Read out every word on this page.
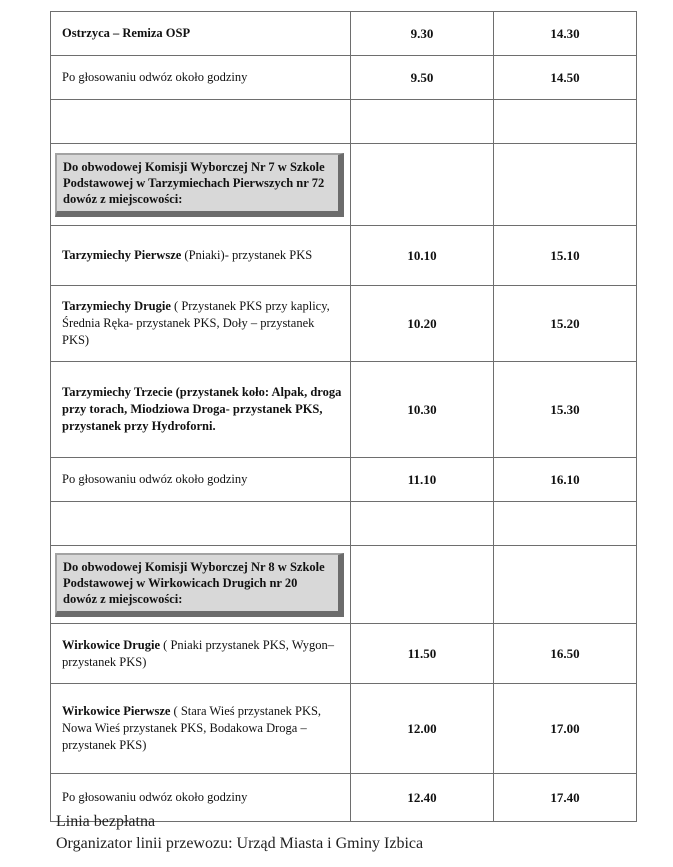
Ostrzyca – Remiza OSP	9.30	14.30
Po głosowaniu odwóz około godziny	9.50	14.50

Do obwodowej Komisji Wyborczej Nr 7 w Szkole Podstawowej w Tarzymiechach Pierwszych nr 72 dowóz z miejscowości:		

Tarzymiechy Pierwsze (Pniaki)- przystanek PKS	10.10	15.10
Tarzymiechy Drugie ( Przystanek PKS przy kaplicy, Średnia Ręka- przystanek PKS, Doły – przystanek PKS)	10.20	15.20
Tarzymiechy Trzecie (przystanek koło: Alpak, droga przy torach, Miodziowa Droga- przystanek PKS, przystanek przy Hydroforni.	10.30	15.30
Po głosowaniu odwóz około godziny	11.10	16.10

Do obwodowej Komisji Wyborczej Nr 8 w Szkole Podstawowej w Wirkowicach Drugich nr 20 dowóz z miejscowości:		

Wirkowice Drugie ( Pniaki przystanek PKS, Wygon– przystanek PKS)	11.50	16.50
Wirkowice Pierwsze ( Stara Wieś przystanek PKS, Nowa Wieś przystanek PKS, Bodakowa Droga – przystanek PKS)	12.00	17.00
Po głosowaniu odwóz około godziny	12.40	17.40
Linia bezpłatna
Organizator linii przewozu: Urząd Miasta i Gminy Izbica
